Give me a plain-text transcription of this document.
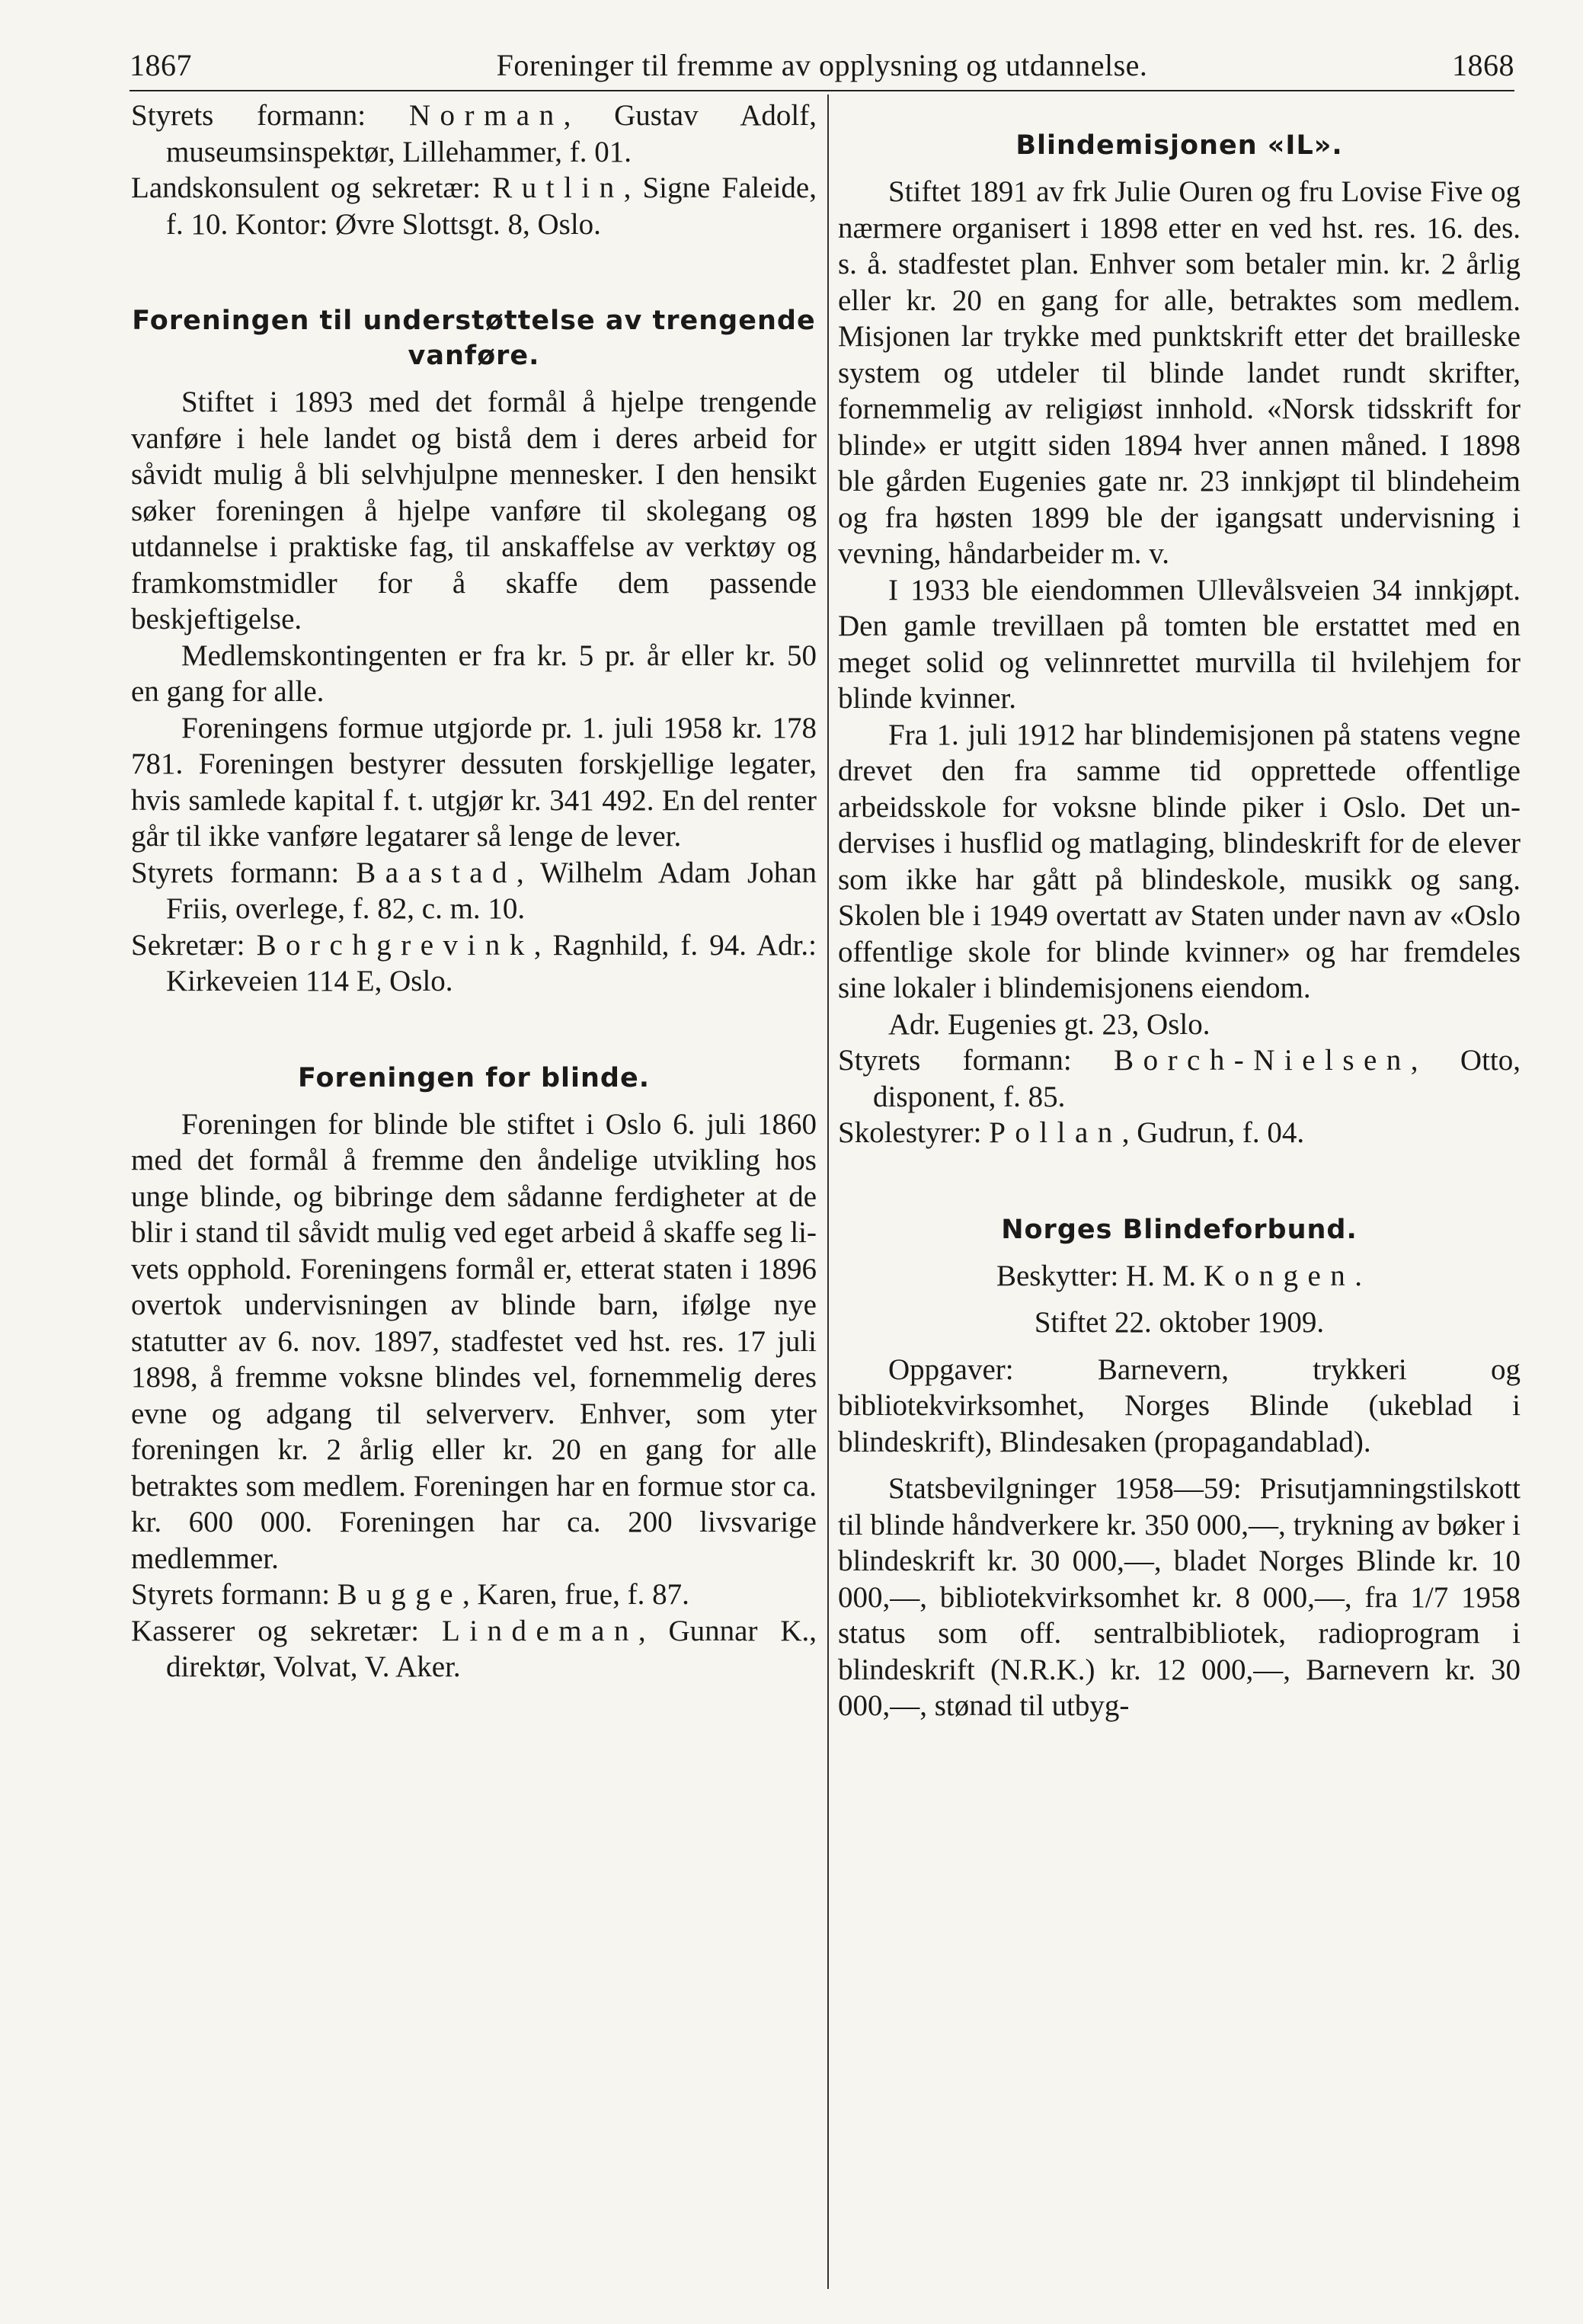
1867	Foreninger til fremme av opplysning og utdannelse.	1868

Styrets formann: Norman, Gustav Adolf, museumsinspektør, Lillehammer, f. 01.

Landskonsulent og sekretær: Rutlin, Signe Faleide, f. 10. Kontor: Øvre Slottsgt. 8, Oslo.

Foreningen til understøttelse av trengende vanføre.

Stiftet i 1893 med det formål å hjelpe trengende vanføre i hele landet og bistå dem i deres arbeid for såvidt mulig å bli selvhjulpne mennesker. I den hensikt søker foreningen å hjelpe vanføre til skolegang og utdannelse i praktiske fag, til anskaffelse av verktøy og framkomstmidler for å skaffe dem passende beskjeftigelse.

Medlemskontingenten er fra kr. 5 pr. år eller kr. 50 en gang for alle.

Foreningens formue utgjorde pr. 1. juli 1958 kr. 178 781. Foreningen bestyrer dessuten forskjellige legater, hvis samlede kapital f. t. utgjør kr. 341 492. En del renter går til ikke vanføre legatarer så lenge de lever.

Styrets formann: Baastad, Wilhelm Adam Johan Friis, overlege, f. 82, c. m. 10.

Sekretær: Borchgrevink, Ragnhild, f. 94. Adr.: Kirkeveien 114 E, Oslo.

Foreningen for blinde.

Foreningen for blinde ble stiftet i Oslo 6. juli 1860 med det formål å fremme den åndelige utvikling hos unge blinde, og bibringe dem sådanne ferdigheter at de blir i stand til såvidt mulig ved eget arbeid å skaffe seg livets opphold. Foreningens formål er, etterat staten i 1896 overtok undervisningen av blinde barn, ifølge nye statutter av 6. nov. 1897, stadfestet ved hst. res. 17 juli 1898, å fremme voksne blindes vel, fornemmelig deres evne og adgang til selververv. Enhver, som yter foreningen kr. 2 årlig eller kr. 20 en gang for alle betraktes som medlem. Foreningen har en formue stor ca. kr. 600 000. Foreningen har ca. 200 livsvarige medlemmer.

Styrets formann: Bugge, Karen, frue, f. 87.

Kasserer og sekretær: Lindeman, Gunnar K., direktør, Volvat, V. Aker.

Blindemisjonen «IL».

Stiftet 1891 av frk Julie Ouren og fru Lovise Five og nærmere organisert i 1898 etter en ved hst. res. 16. des. s. å. stadfestet plan. Enhver som betaler min. kr. 2 årlig eller kr. 20 en gang for alle, betraktes som medlem. Misjonen lar trykke med punktskrift etter det brailleske system og utdeler til blinde landet rundt skrifter, fornemmelig av religiøst innhold. «Norsk tidsskrift for blinde» er utgitt siden 1894 hver annen måned. I 1898 ble gården Eugenies gate nr. 23 innkjøpt til blindeheim og fra høsten 1899 ble der igangsatt undervisning i vevning, håndarbeider m. v.

I 1933 ble eiendommen Ullevålsveien 34 innkjøpt. Den gamle trevillaen på tomten ble erstattet med en meget solid og velinnrettet murvilla til hvilehjem for blinde kvinner.

Fra 1. juli 1912 har blindemisjonen på statens vegne drevet den fra samme tid opprettede offentlige arbeidsskole for voksne blinde piker i Oslo. Det undervises i husflid og matlaging, blindeskrift for de elever som ikke har gått på blindeskole, musikk og sang. Skolen ble i 1949 overtatt av Staten under navn av «Oslo offentlige skole for blinde kvinner» og har fremdeles sine lokaler i blindemisjonens eiendom.

Adr. Eugenies gt. 23, Oslo.

Styrets formann: Borch-Nielsen, Otto, disponent, f. 85.

Skolestyrer: Pollan, Gudrun, f. 04.

Norges Blindeforbund.

Beskytter: H. M. Kongen.

Stiftet 22. oktober 1909.

Oppgaver: Barnevern, trykkeri og bibliotekvirksomhet, Norges Blinde (ukeblad i blindeskrift), Blindesaken (propagandablad).

Statsbevilgninger 1958—59: Prisutjamningstilskott til blinde håndverkere kr. 350 000,—, trykning av bøker i blindeskrift kr. 30 000,—, bladet Norges Blinde kr. 10 000,—, bibliotekvirksomhet kr. 8 000,—, fra 1/7 1958 status som off. sentralbibliotek, radioprogram i blindeskrift (N.R.K.) kr. 12 000,—, Barnevern kr. 30 000,—, stønad til utbyg-
